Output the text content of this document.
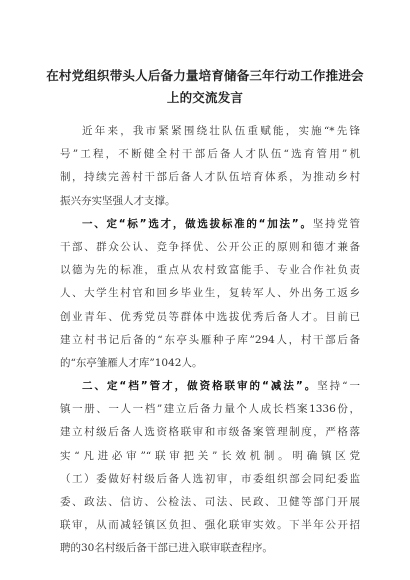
在村党组织带头人后备力量培育储备三年行动工作推进会
上的交流发言
近年来，我市紧紧围绕壮队伍重赋能，实施“*先锋
号”工程，不断健全村干部后备人才队伍“选育管用”机
制，持续完善村干部后备人才队伍培育体系，为推动乡村
振兴夯实坚强人才支撑。
一、定“标”选才，做选拔标准的“加法”。坚持党管
干部、群众公认、竞争择优、公开公正的原则和德才兼备
以德为先的标准，重点从农村致富能手、专业合作社负责
人、大学生村官和回乡毕业生，复转军人、外出务工返乡
创业青年、优秀党员等群体中选拔优秀后备人才。目前已
建立村书记后备的“东亭头雁种子库”294人，村干部后备
的“东亭雏雁人才库”1042人。
二、定“档”管才，做资格联审的“减法”。坚持“一
镇一册、一人一档”建立后备力量个人成长档案1336份，
建立村级后备人选资格联审和市级备案管理制度，严格落
实“凡进必审”“联审把关”长效机制。明确镇区党
（工）委做好村级后备人选初审，市委组织部会同纪委监
委、政法、信访、公检法、司法、民政、卫健等部门开展
联审，从而减轻镇区负担、强化联审实效。下半年公开招
聘的30名村级后备干部已进入联审联查程序。
